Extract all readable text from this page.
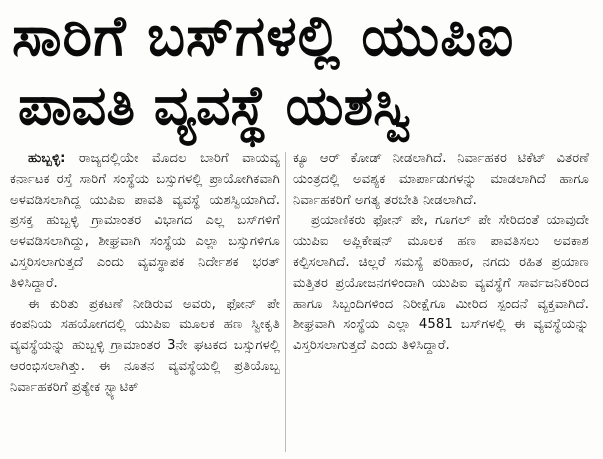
ಸಾರಿಗೆ ಬಸ್‌ಗಳಲ್ಲಿ ಯುಪಿಐ
ಪಾವತಿ ವ್ಯವಸ್ಥೆ ಯಶಸ್ವಿ

ಹುಬ್ಬಳ್ಳಿ: ರಾಜ್ಯದಲ್ಲಿಯೇ ಮೊದಲ ಬಾರಿಗೆ ವಾಯವ್ಯ ಕರ್ನಾಟಕ ರಸ್ತೆ ಸಾರಿಗೆ ಸಂಸ್ಥೆಯ ಬಸ್ಸುಗಳಲ್ಲಿ ಪ್ರಾಯೋಗಿಕವಾಗಿ ಅಳವಡಿಸಲಾಗಿದ್ದ ಯುಪಿಐ ಪಾವತಿ ವ್ಯವಸ್ಥೆ ಯಶಸ್ವಿಯಾಗಿದೆ. ಪ್ರಸಕ್ತ ಹುಬ್ಬಳ್ಳಿ ಗ್ರಾಮಾಂತರ ವಿಭಾಗದ ಎಲ್ಲ ಬಸ್‌ಗಳಿಗೆ ಅಳವಡಿಸಲಾಗಿದ್ದು, ಶೀಘ್ರವಾಗಿ ಸಂಸ್ಥೆಯ ಎಲ್ಲಾ ಬಸ್ಸುಗಳಿಗೂ ವಿಸ್ತರಿಸಲಾಗುತ್ತದೆ ಎಂದು ವ್ಯವಸ್ಥಾಪಕ ನಿರ್ದೇಶಕ ಭರತ್ ತಿಳಿಸಿದ್ದಾರೆ.

ಈ ಕುರಿತು ಪ್ರಕಟಣೆ ನೀಡಿರುವ ಅವರು, ಫೋನ್ ಪೇ ಕಂಪನಿಯ ಸಹಯೋಗದಲ್ಲಿ ಯುಪಿಐ ಮೂಲಕ ಹಣ ಸ್ವೀಕೃತಿ ವ್ಯವಸ್ಥೆಯನ್ನು ಹುಬ್ಬಳ್ಳಿ ಗ್ರಾಮಾಂತರ 3ನೇ ಘಟಕದ ಬಸ್ಸುಗಳಲ್ಲಿ ಆರಂಭಿಸಲಾಗಿತ್ತು. ಈ ನೂತನ ವ್ಯವಸ್ಥೆಯಲ್ಲಿ ಪ್ರತಿಯೊಬ್ಬ ನಿರ್ವಾಹಕರಿಗೆ ಪ್ರತ್ಯೇಕ ಸ್ಟ್ಯಾಟಿಕ್

ಕ್ಯೂ ಆರ್ ಕೋಡ್ ನೀಡಲಾಗಿದೆ. ನಿರ್ವಾಹಕರ ಟಿಕೆಟ್ ವಿತರಣೆ ಯಂತ್ರದಲ್ಲಿ ಅವಶ್ಯಕ ಮಾರ್ಪಾಡುಗಳನ್ನು ಮಾಡಲಾಗಿದೆ ಹಾಗೂ ನಿರ್ವಾಹಕರಿಗೆ ಅಗತ್ಯ ತರಬೇತಿ ನೀಡಲಾಗಿದೆ.

ಪ್ರಯಾಣಿಕರು ಫೋನ್ ಪೇ, ಗೂಗಲ್ ಪೇ ಸೇರಿದಂತೆ ಯಾವುದೇ ಯುಪಿಐ ಅಪ್ಲಿಕೇಷನ್ ಮೂಲಕ ಹಣ ಪಾವತಿಸಲು ಅವಕಾಶ ಕಲ್ಪಿಸಲಾಗಿದೆ. ಚಿಲ್ಲರೆ ಸಮಸ್ಯೆ ಪರಿಹಾರ, ನಗದು ರಹಿತ ಪ್ರಯಾಣ ಮತ್ತಿತರ ಪ್ರಯೋಜನಗಳಿಂದಾಗಿ ಯುಪಿಐ ವ್ಯವಸ್ಥೆಗೆ ಸಾರ್ವಜನಿಕರಿಂದ ಹಾಗೂ ಸಿಬ್ಬಂದಿಗಳಿಂದ ನಿರೀಕ್ಷೆಗೂ ಮೀರಿದ ಸ್ಪಂದನೆ ವ್ಯಕ್ತವಾಗಿದೆ. ಶೀಘ್ರವಾಗಿ ಸಂಸ್ಥೆಯ ಎಲ್ಲಾ 4581 ಬಸ್‌ಗಳಲ್ಲಿ ಈ ವ್ಯವಸ್ಥೆಯನ್ನು ವಿಸ್ತರಿಸಲಾಗುತ್ತದೆ ಎಂದು ತಿಳಿಸಿದ್ದಾರೆ.
